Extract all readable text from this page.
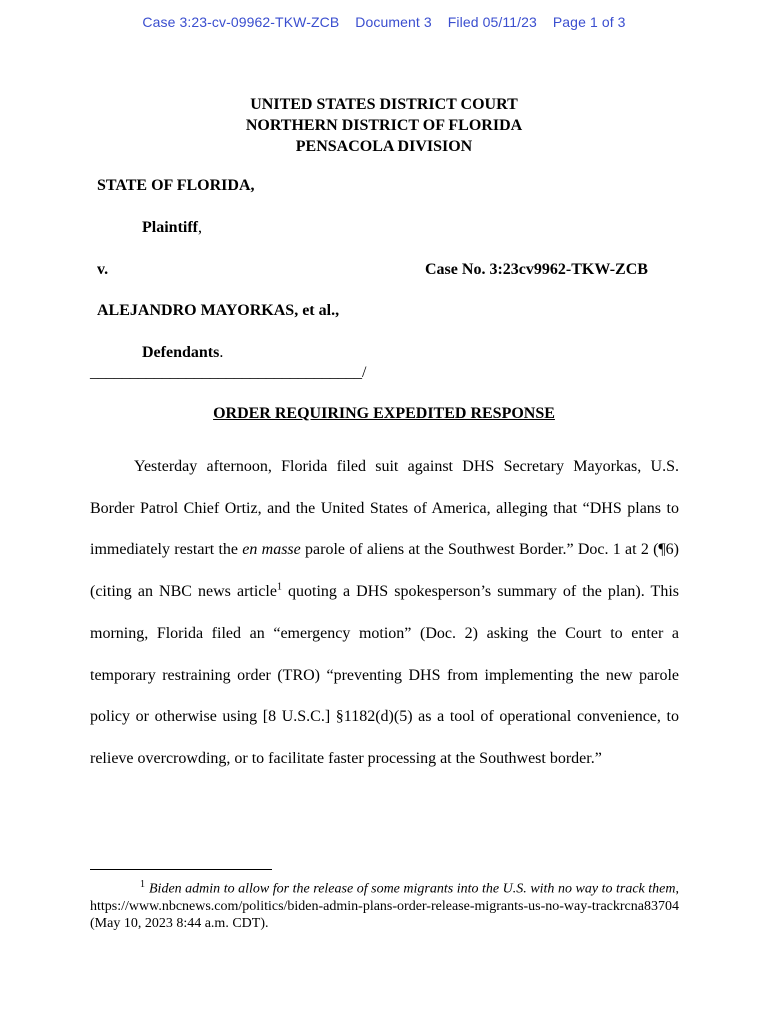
Case 3:23-cv-09962-TKW-ZCB Document 3 Filed 05/11/23 Page 1 of 3
UNITED STATES DISTRICT COURT
NORTHERN DISTRICT OF FLORIDA
PENSACOLA DIVISION
STATE OF FLORIDA,
Plaintiff,
v.	Case No. 3:23cv9962-TKW-ZCB
ALEJANDRO MAYORKAS, et al.,
Defendants.
__________________________________/
ORDER REQUIRING EXPEDITED RESPONSE

Yesterday afternoon, Florida filed suit against DHS Secretary Mayorkas, U.S. Border Patrol Chief Ortiz, and the United States of America, alleging that “DHS plans to immediately restart the en masse parole of aliens at the Southwest Border.” Doc. 1 at 2 (¶6) (citing an NBC news article$^1$ quoting a DHS spokesperson’s summary of the plan). This morning, Florida filed an “emergency motion” (Doc. 2) asking the Court to enter a temporary restraining order (TRO) “preventing DHS from implementing the new parole policy or otherwise using [8 U.S.C.] §1182(d)(5) as a tool of operational convenience, to relieve overcrowding, or to facilitate faster processing at the Southwest border.”

1 Biden admin to allow for the release of some migrants into the U.S. with no way to track them, https://www.nbcnews.com/politics/biden-admin-plans-order-release-migrants-us-no-way-trackrcna83704 (May 10, 2023 8:44 a.m. CDT).
